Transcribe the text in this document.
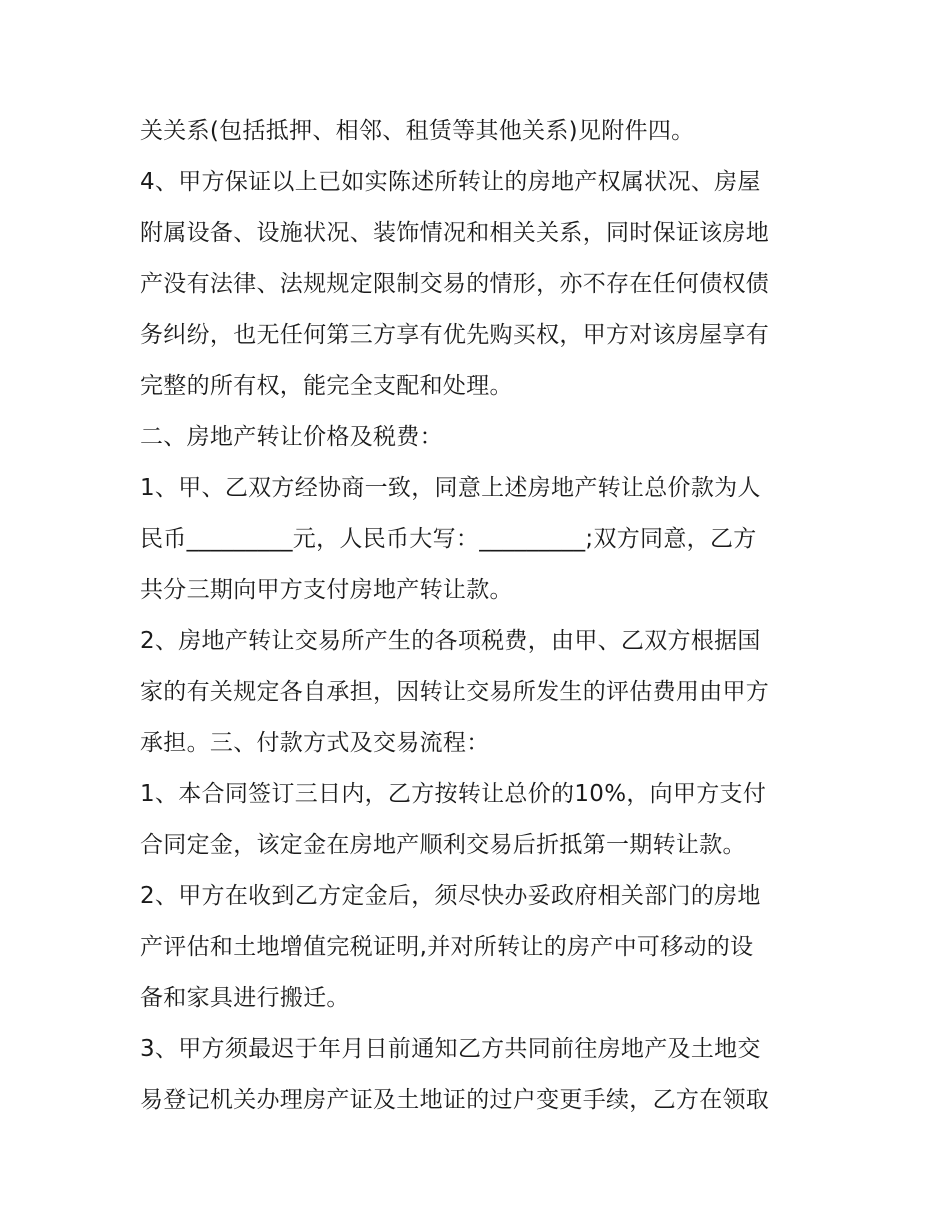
关关系(包括抵押、相邻、租赁等其他关系)见附件四。
4、甲方保证以上已如实陈述所转让的房地产权属状况、房屋
附属设备、设施状况、装饰情况和相关关系，同时保证该房地
产没有法律、法规规定限制交易的情形，亦不存在任何债权债
务纠纷，也无任何第三方享有优先购买权，甲方对该房屋享有
完整的所有权，能完全支配和处理。
二、房地产转让价格及税费：
1、甲、乙双方经协商一致，同意上述房地产转让总价款为人
民币_________元，人民币大写：_________;双方同意，乙方
共分三期向甲方支付房地产转让款。
2、房地产转让交易所产生的各项税费，由甲、乙双方根据国
家的有关规定各自承担，因转让交易所发生的评估费用由甲方
承担。三、付款方式及交易流程：
1、本合同签订三日内，乙方按转让总价的10%，向甲方支付
合同定金，该定金在房地产顺利交易后折抵第一期转让款。
2、甲方在收到乙方定金后，须尽快办妥政府相关部门的房地
产评估和土地增值完税证明,并对所转让的房产中可移动的设
备和家具进行搬迁。
3、甲方须最迟于年月日前通知乙方共同前往房地产及土地交
易登记机关办理房产证及土地证的过户变更手续，乙方在领取
